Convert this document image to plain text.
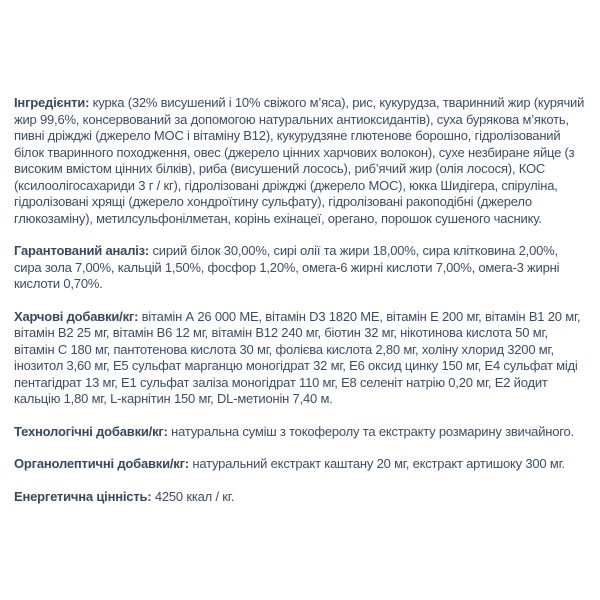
Інгредієнти: курка (32% висушений і 10% свіжого м’яса), рис, кукурудза, тваринний жир (курячий жир 99,6%, консервований за допомогою натуральних антиоксидантів), суха бурякова м’якоть, пивні дріжджі (джерело МОС і вітаміну B12), кукурудзяне глютенове борошно, гідролізований білок тваринного походження, овес (джерело цінних харчових волокон), сухе незбиране яйце (з високим вмістом цінних білків), риба (висушений лосось), риб’ячий жир (олія лосося), КОС (ксилоолігосахариди 3 г / кг), гідролізовані дріжджі (джерело МОС), юкка Шидігера, спіруліна, гідролізовані хрящі (джерело хондроїтину сульфату), гідролізовані ракоподібні (джерело глюкозаміну), метилсульфонілметан, корінь ехінацеї, орегано, порошок сушеного часнику.

Гарантований аналіз: сирий білок 30,00%, сирі олії та жири 18,00%, сира клітковина 2,00%, сира зола 7,00%, кальцій 1,50%, фосфор 1,20%, омега-6 жирні кислоти 7,00%, омега-3 жирні кислоти 0,70%.

Харчові добавки/кг: вітамін А 26 000 МЕ, вітамін D3 1820 МЕ, вітамін Е 200 мг, вітамін В1 20 мг, вітамін В2 25 мг, вітамін В6 12 мг, вітамін В12 240 мг, біотин 32 мг, нікотинова кислота 50 мг, вітамін С 180 мг, пантотенова кислота 30 мг, фолієва кислота 2,80 мг, холіну хлорид 3200 мг, інозитол 3,60 мг, Е5 сульфат марганцю моногідрат 32 мг, Е6 оксид цинку 150 мг, Е4 сульфат міді пентагідрат 13 мг, Е1 сульфат заліза моногідрат 110 мг, Е8 селеніт натрію 0,20 мг, Е2 йодит кальцію 1,80 мг, L-карнітин 150 мг, DL-метионін 7,40 м.

Технологічні добавки/кг: натуральна суміш з токоферолу та екстракту розмарину звичайного.

Органолептичні добавки/кг: натуральний екстракт каштану 20 мг, екстракт артишоку 300 мг.

Енергетична цінність: 4250 ккал / кг.
